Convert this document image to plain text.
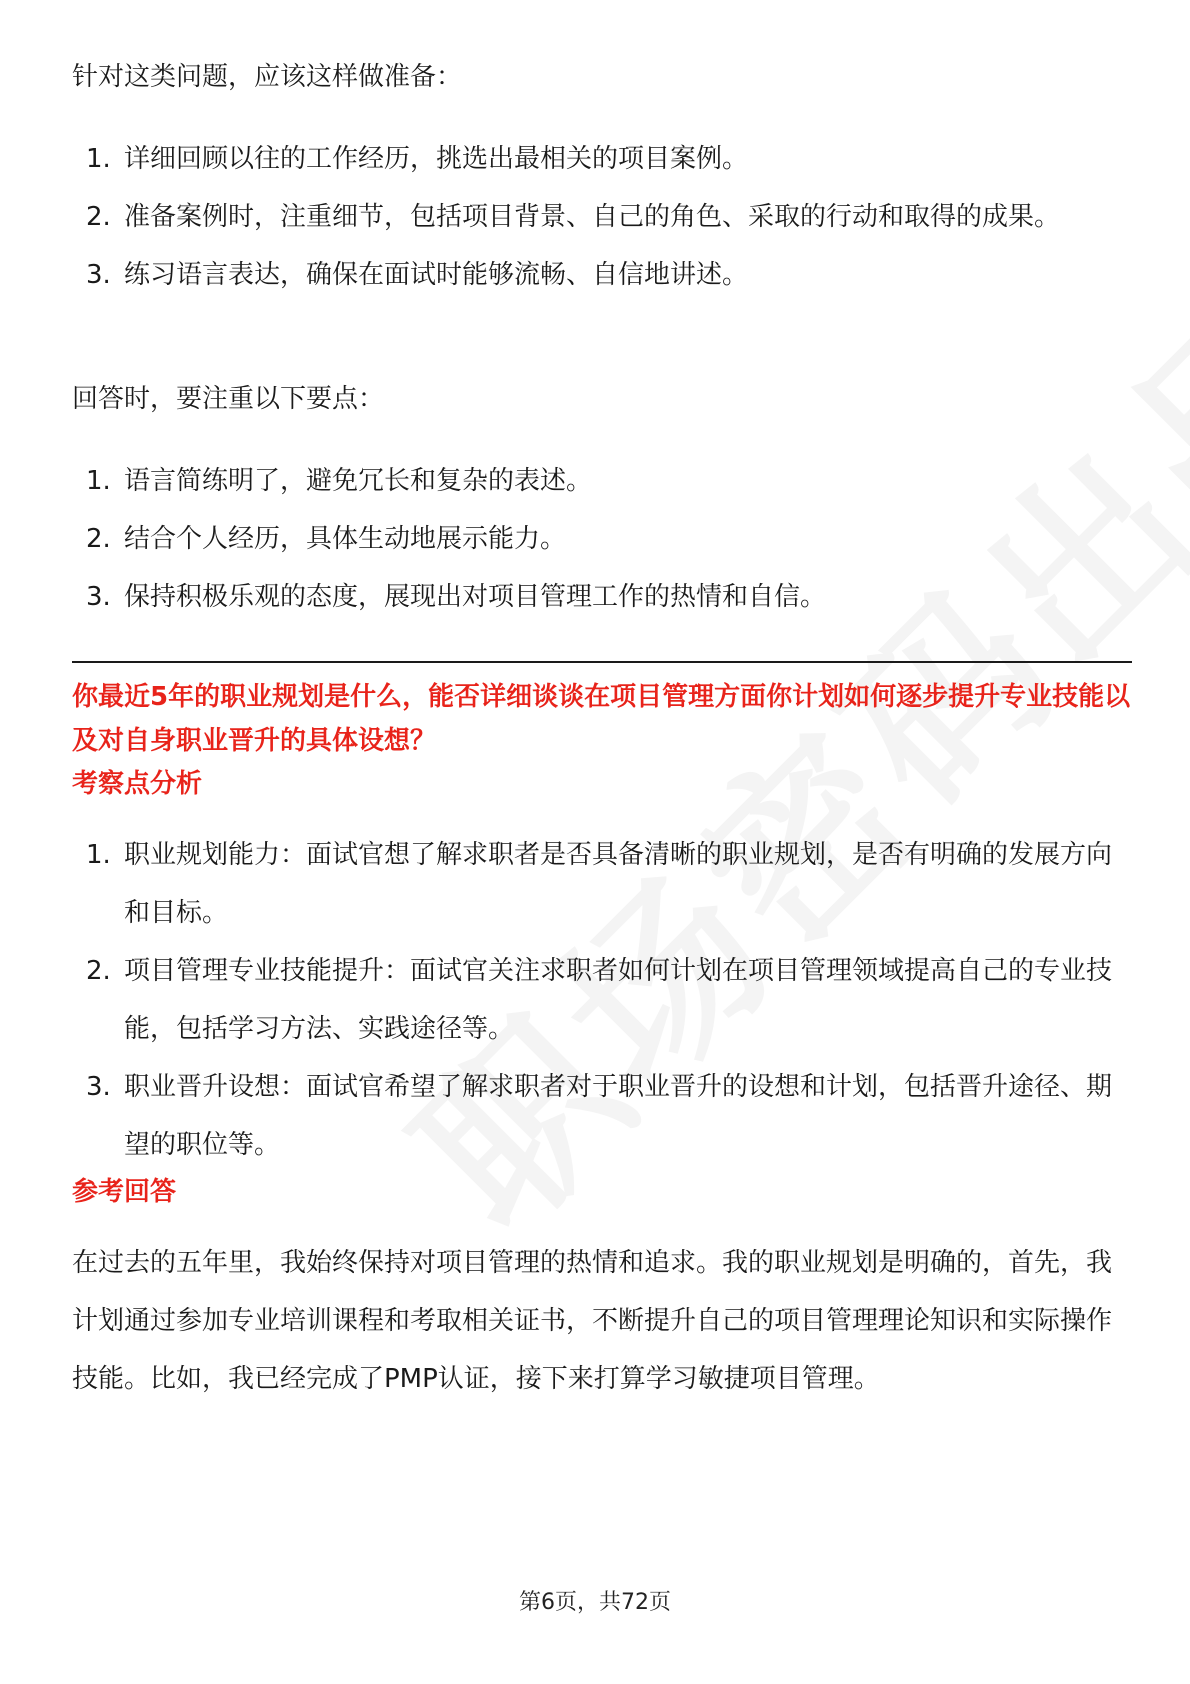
针对这类问题，应该这样做准备：

1. 详细回顾以往的工作经历，挑选出最相关的项目案例。
2. 准备案例时，注重细节，包括项目背景、自己的角色、采取的行动和取得的成果。
3. 练习语言表达，确保在面试时能够流畅、自信地讲述。

回答时，要注重以下要点：

1. 语言简练明了，避免冗长和复杂的表述。
2. 结合个人经历，具体生动地展示能力。
3. 保持积极乐观的态度，展现出对项目管理工作的热情和自信。

你最近5年的职业规划是什么，能否详细谈谈在项目管理方面你计划如何逐步提升专业技能以及对自身职业晋升的具体设想？

考察点分析

1. 职业规划能力：面试官想了解求职者是否具备清晰的职业规划，是否有明确的发展方向和目标。
2. 项目管理专业技能提升：面试官关注求职者如何计划在项目管理领域提高自己的专业技能，包括学习方法、实践途径等。
3. 职业晋升设想：面试官希望了解求职者对于职业晋升的设想和计划，包括晋升途径、期望的职位等。

参考回答

在过去的五年里，我始终保持对项目管理的热情和追求。我的职业规划是明确的，首先，我计划通过参加专业培训课程和考取相关证书，不断提升自己的项目管理理论知识和实际操作技能。比如，我已经完成了PMP认证，接下来打算学习敏捷项目管理。

第6页，共72页
